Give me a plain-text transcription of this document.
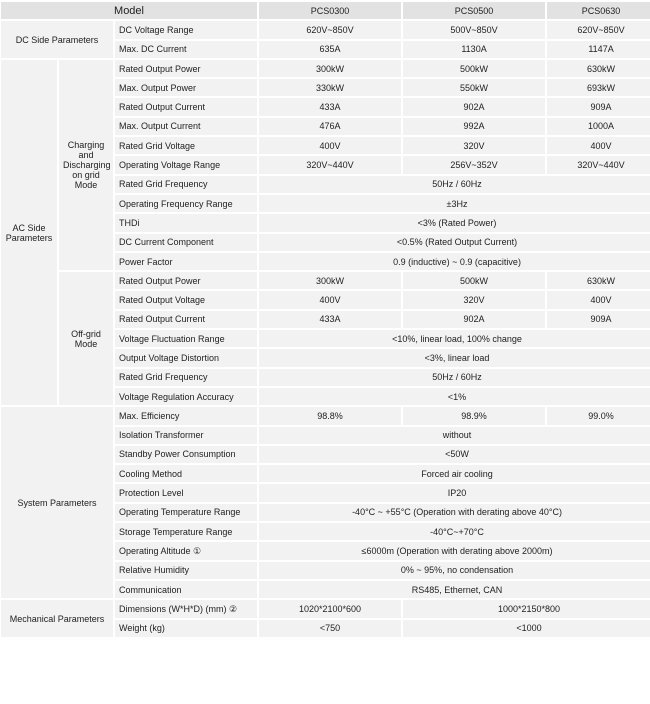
Model			PCS0300	PCS0500	PCS0630
DC Side Parameters		DC Voltage Range	620V~850V	500V~850V	620V~850V
		Max. DC Current	635A	1130A	1147A
AC Side Parameters	Charging and Discharging on grid Mode	Rated Output Power	300kW	500kW	630kW
		Max. Output Power	330kW	550kW	693kW
		Rated Output Current	433A	902A	909A
		Max. Output Current	476A	992A	1000A
		Rated Grid Voltage	400V	320V	400V
		Operating Voltage Range	320V~440V	256V~352V	320V~440V
		Rated Grid Frequency	50Hz / 60Hz		
		Operating Frequency Range	±3Hz		
		THDi	<3% (Rated Power)		
		DC Current Component	<0.5% (Rated Output Current)		
		Power Factor	0.9 (inductive) ~ 0.9 (capacitive)		
	Off-grid Mode	Rated Output Power	300kW	500kW	630kW
		Rated Output Voltage	400V	320V	400V
		Rated Output Current	433A	902A	909A
		Voltage Fluctuation Range	<10%, linear load, 100% change		
		Output Voltage Distortion	<3%, linear load		
		Rated Grid Frequency	50Hz / 60Hz		
		Voltage Regulation Accuracy	<1%		
System Parameters		Max. Efficiency	98.8%	98.9%	99.0%
		Isolation Transformer	without		
		Standby Power Consumption	<50W		
		Cooling Method	Forced air cooling		
		Protection Level	IP20		
		Operating Temperature Range	-40°C ~ +55°C (Operation with derating above 40°C)		
		Storage Temperature Range	-40°C~+70°C		
		Operating Altitude ①	≤6000m (Operation with derating above 2000m)		
		Relative Humidity	0% ~ 95%, no condensation		
		Communication	RS485, Ethernet, CAN		
Mechanical Parameters		Dimensions (W*H*D) (mm) ②	1020*2100*600	1000*2150*800	
		Weight (kg)	<750	<1000	
